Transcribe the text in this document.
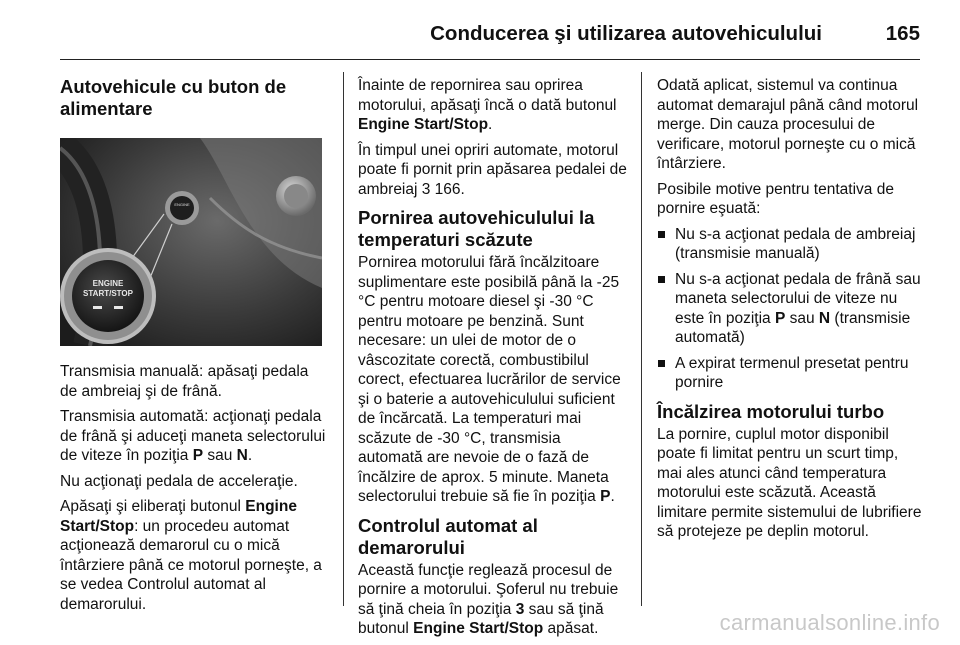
Conducerea şi utilizarea autovehiculului	165
Autovehicule cu buton de alimentare
ENGINE
ENGINE
START/STOP

Transmisia manuală: apăsaţi pedala de ambreiaj şi de frână.

Transmisia automată: acţionaţi pedala de frână şi aduceţi maneta selectorului de viteze în poziţia P sau N.

Nu acţionaţi pedala de acceleraţie.

Apăsaţi şi eliberaţi butonul Engine Start/Stop: un procedeu automat acţionează demarorul cu o mică întârziere până ce motorul porneşte, a se vedea Controlul automat al demarorului.

Înainte de repornirea sau oprirea motorului, apăsaţi încă o dată butonul Engine Start/Stop.

În timpul unei opriri automate, motorul poate fi pornit prin apăsarea pedalei de ambreiaj 3 166.

Pornirea autovehiculului la temperaturi scăzute

Pornirea motorului fără încălzitoare suplimentare este posibilă până la -25 °C pentru motoare diesel şi -30 °C pentru motoare pe benzină. Sunt necesare: un ulei de motor de o vâscozitate corectă, combustibilul corect, efectuarea lucrărilor de service şi o baterie a autovehiculului suficient de încărcată. La temperaturi mai scăzute de -30 °C, transmisia automată are nevoie de o fază de încălzire de aprox. 5 minute. Maneta selectorului trebuie să fie în poziţia P.

Controlul automat al demarorului

Această funcţie reglează procesul de pornire a motorului. Şoferul nu trebuie să ţină cheia în poziţia 3 sau să ţină butonul Engine Start/Stop apăsat.

Odată aplicat, sistemul va continua automat demarajul până când motorul merge. Din cauza procesului de verificare, motorul porneşte cu o mică întârziere.

Posibile motive pentru tentativa de pornire eşuată:

Nu s-a acţionat pedala de ambreiaj (transmisie manuală)
Nu s-a acţionat pedala de frână sau maneta selectorului de viteze nu este în poziţia P sau N (transmisie automată)
A expirat termenul presetat pentru pornire
Încălzirea motorului turbo

La pornire, cuplul motor disponibil poate fi limitat pentru un scurt timp, mai ales atunci când temperatura motorului este scăzută. Această limitare permite sistemului de lubrifiere să protejeze pe deplin motorul.

carmanualsonline.info
